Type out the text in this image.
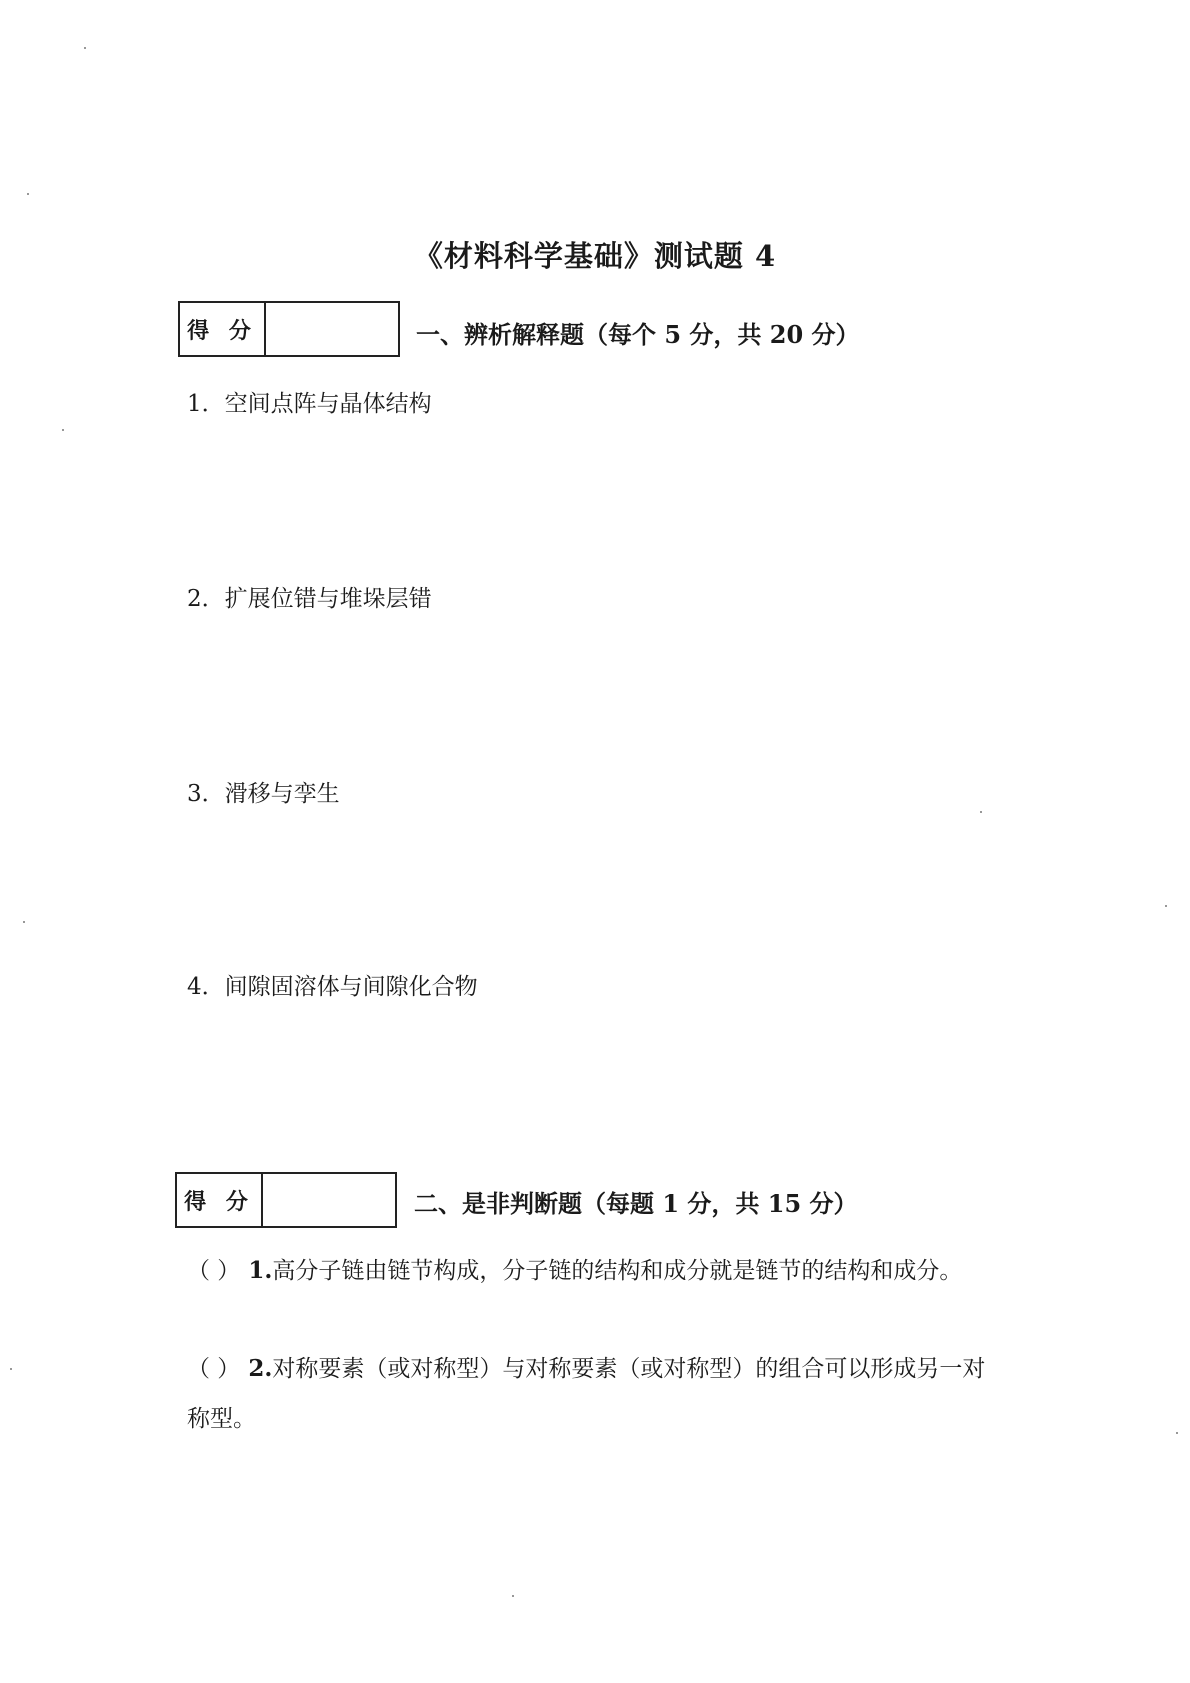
《材料科学基础》测试题 4
得 分	一、辨析解释题（每个 5 分，共 20 分）
1．空间点阵与晶体结构
2．扩展位错与堆垛层错
3．滑移与孪生
4．间隙固溶体与间隙化合物
得 分	二、是非判断题（每题 1 分，共 15 分）
（ ） 1.高分子链由链节构成，分子链的结构和成分就是链节的结构和成分。
（ ） 2.对称要素（或对称型）与对称要素（或对称型）的组合可以形成另一对称型。
